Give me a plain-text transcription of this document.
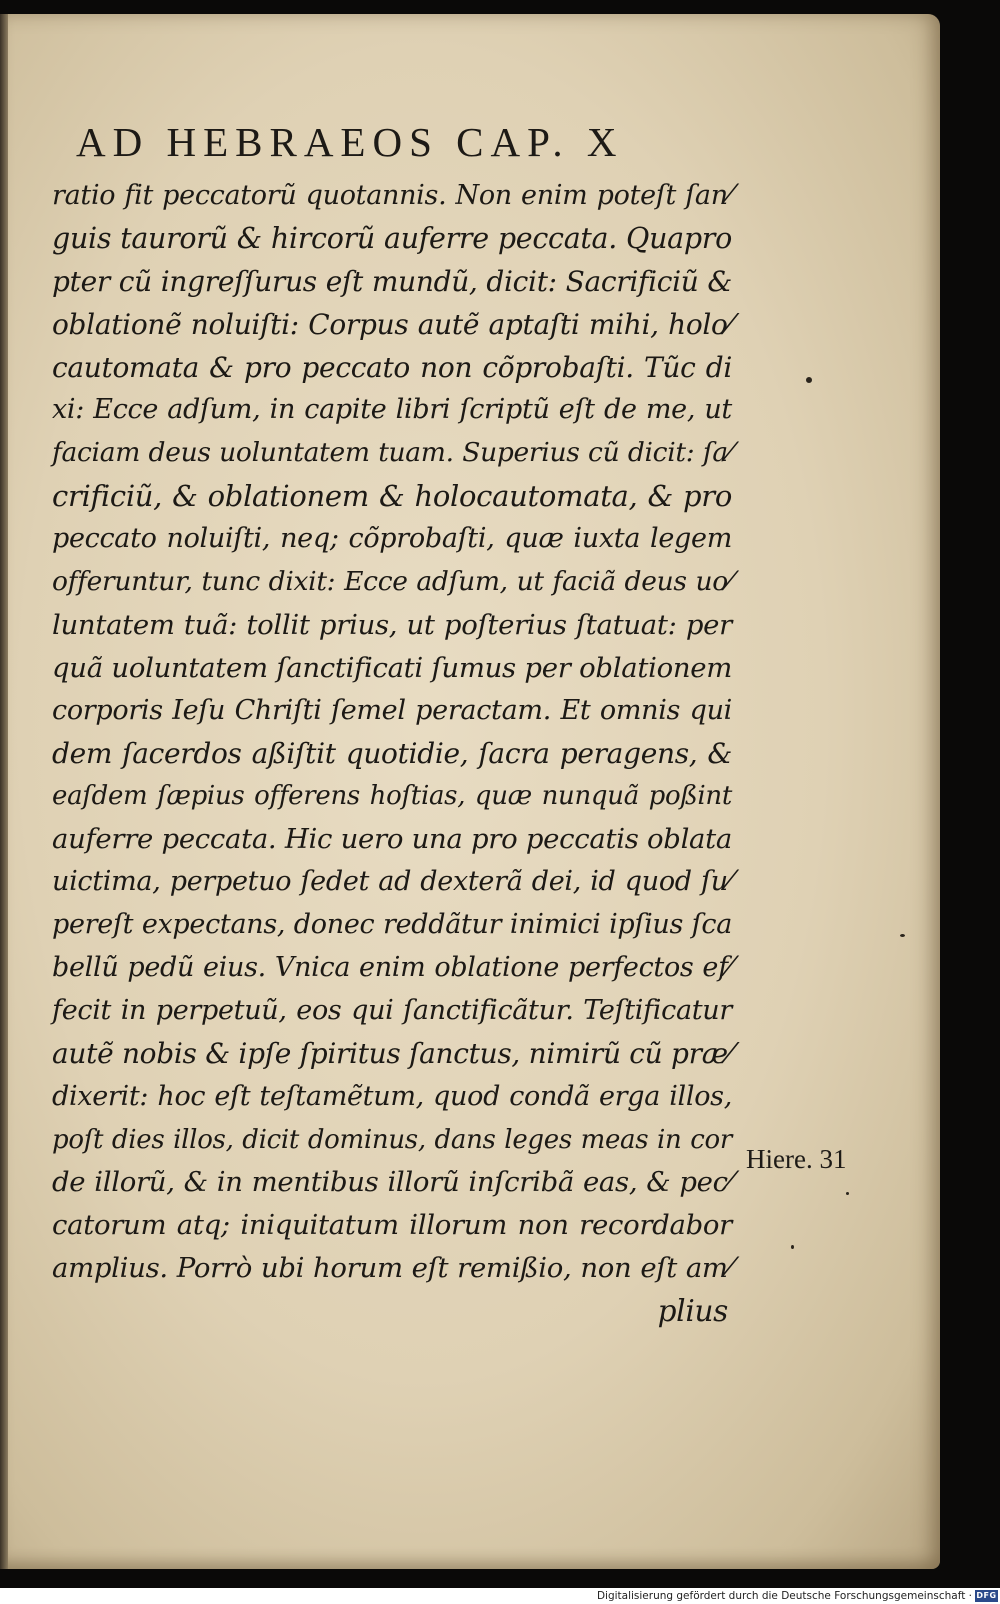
AD HEBRAEOS CAP. X
ratio fit peccatorũ quotannis. Non enim poteſt ſan⁄
guis taurorũ & hircorũ auferre peccata. Quapro
pter cũ ingreſſurus eſt mundũ, dicit: Sacrificiũ &
oblationẽ noluiſti: Corpus autẽ aptaſti mihi, holo⁄
cautomata & pro peccato non cõprobaſti. Tũc di
xi: Ecce adſum, in capite libri ſcriptũ eſt de me, ut
faciam deus uoluntatem tuam. Superius cũ dicit: ſa⁄
crificiũ, & oblationem & holocautomata, & pro
peccato noluiſti, neq; cõprobaſti, quæ iuxta legem
offeruntur, tunc dixit: Ecce adſum, ut faciã deus uo⁄
luntatem tuã: tollit prius, ut poſterius ſtatuat: per
quã uoluntatem ſanctificati ſumus per oblationem
corporis Ieſu Chriſti ſemel peractam. Et omnis qui
dem ſacerdos aßiſtit quotidie, ſacra peragens, &
eaſdem ſæpius offerens hoſtias, quæ nunquã poßint
auferre peccata. Hic uero una pro peccatis oblata
uictima, perpetuo ſedet ad dexterã dei, id quod ſu⁄
pereſt expectans, donec reddãtur inimici ipſius ſca
bellũ pedũ eius. Vnica enim oblatione perfectos ef⁄
fecit in perpetuũ, eos qui ſanctificãtur. Teſtificatur
autẽ nobis & ipſe ſpiritus ſanctus, nimirũ cũ præ⁄
dixerit: hoc eſt teſtamẽtum, quod condã erga illos,
poſt dies illos, dicit dominus, dans leges meas in cor
de illorũ, & in mentibus illorũ inſcribã eas, & pec⁄
catorum atq; iniquitatum illorum non recordabor
amplius. Porrò ubi horum eſt remißio, non eſt am⁄
plius
Hiere. 31
Digitalisierung gefördert durch die Deutsche Forschungsgemeinschaft · DFG
